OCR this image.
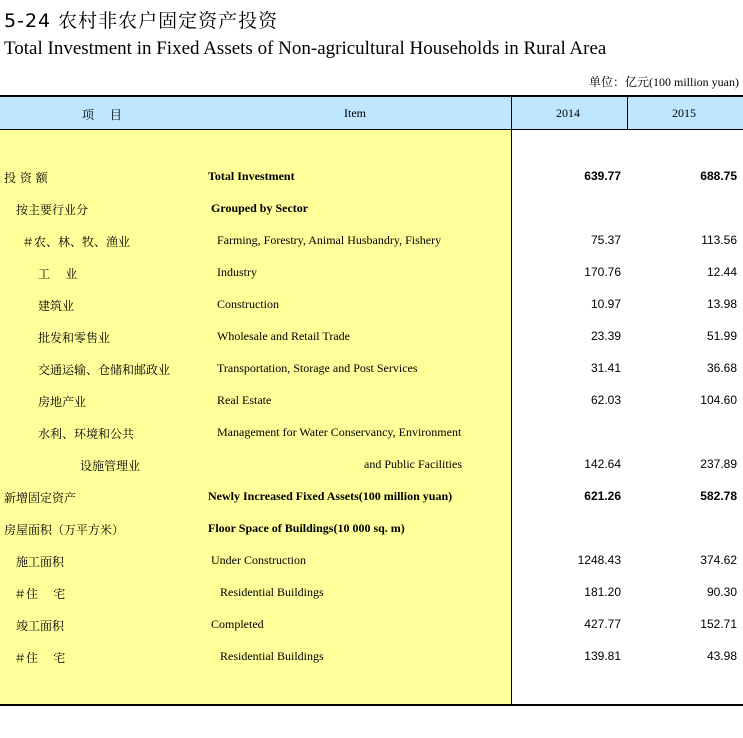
5-24 农村非农户固定资产投资
Total Investment in Fixed Assets of Non-agricultural Households in Rural Area
单位：亿元(100 million yuan)
项 目	Item	2014	2015
投 资 额	Total Investment	639.77	688.75
按主要行业分	Grouped by Sector
＃农、林、牧、渔业	Farming, Forestry, Animal Husbandry, Fishery	75.37	113.56
工    业	Industry	170.76	12.44
建筑业	Construction	10.97	13.98
批发和零售业	Wholesale and Retail Trade	23.39	51.99
交通运输、仓储和邮政业	Transportation, Storage and Post Services	31.41	36.68
房地产业	Real Estate	62.03	104.60
水利、环境和公共	Management for Water Conservancy, Environment
设施管理业	and Public Facilities	142.64	237.89
新增固定资产	Newly Increased Fixed Assets(100 million yuan)	621.26	582.78
房屋面积（万平方米）	Floor Space of Buildings(10 000 sq. m)
施工面积	Under Construction	1248.43	374.62
＃住    宅	Residential Buildings	181.20	90.30
竣工面积	Completed	427.77	152.71
＃住    宅	Residential Buildings	139.81	43.98
